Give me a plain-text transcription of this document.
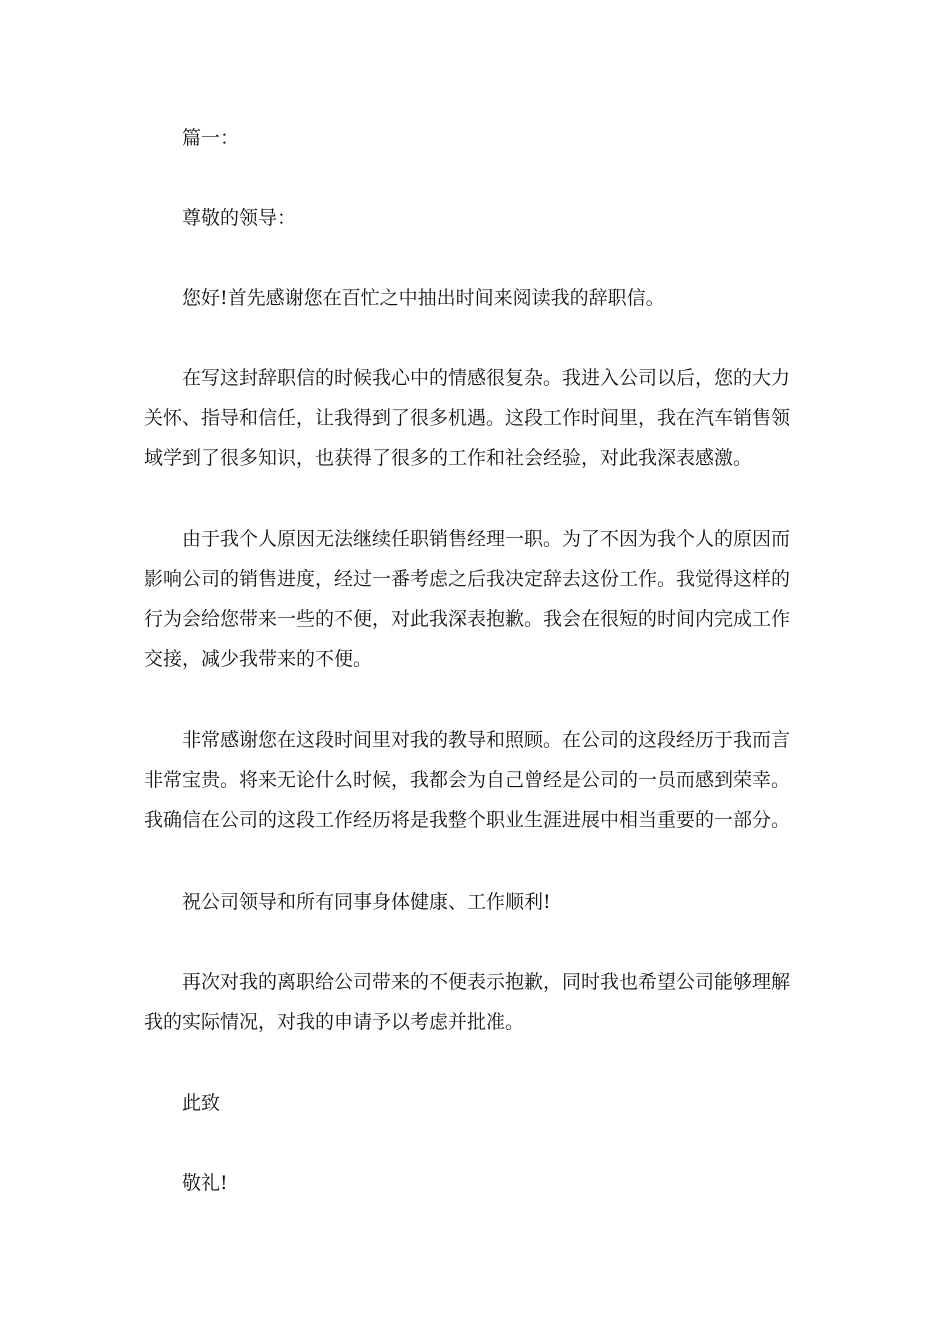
篇一：

尊敬的领导：

您好!首先感谢您在百忙之中抽出时间来阅读我的辞职信。

在写这封辞职信的时候我心中的情感很复杂。我进入公司以后，您的大力关怀、指导和信任，让我得到了很多机遇。这段工作时间里，我在汽车销售领域学到了很多知识，也获得了很多的工作和社会经验，对此我深表感激。

由于我个人原因无法继续任职销售经理一职。为了不因为我个人的原因而影响公司的销售进度，经过一番考虑之后我决定辞去这份工作。我觉得这样的行为会给您带来一些的不便，对此我深表抱歉。我会在很短的时间内完成工作交接，减少我带来的不便。

非常感谢您在这段时间里对我的教导和照顾。在公司的这段经历于我而言非常宝贵。将来无论什么时候，我都会为自己曾经是公司的一员而感到荣幸。我确信在公司的这段工作经历将是我整个职业生涯进展中相当重要的一部分。

祝公司领导和所有同事身体健康、工作顺利!

再次对我的离职给公司带来的不便表示抱歉，同时我也希望公司能够理解我的实际情况，对我的申请予以考虑并批准。

此致

敬礼!
